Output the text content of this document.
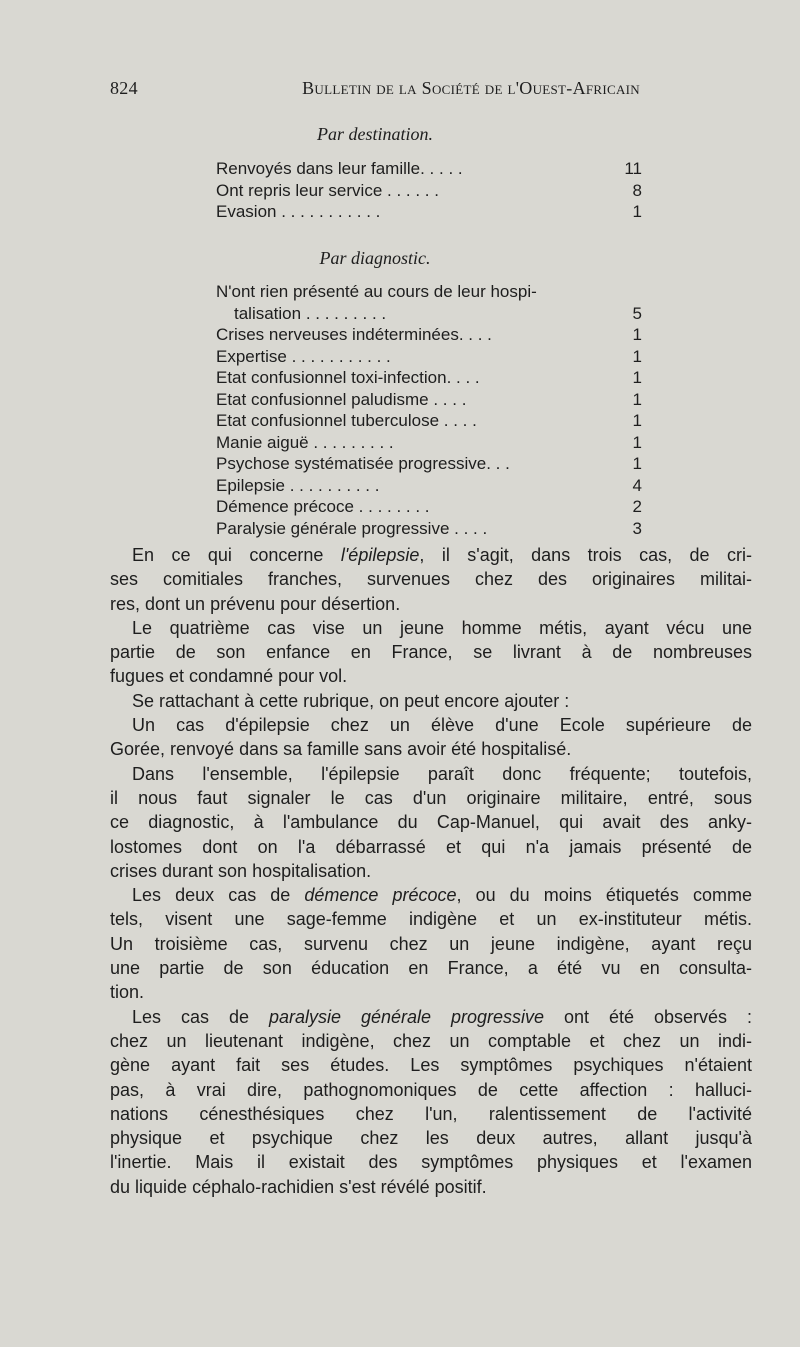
824	Bulletin de la Société de l'Ouest-Africain
Par destination.
Renvoyés dans leur famille. . . . .	11
Ont repris leur service . . . . . .	8
Evasion . . . . . . . . . . .	1
Par diagnostic.
N'ont rien présenté au cours de leur hospi-
talisation . . . . . . . . .	5
Crises nerveuses indéterminées. . . .	1
Expertise . . . . . . . . . . .	1
Etat confusionnel toxi-infection. . . .	1
Etat confusionnel paludisme . . . .	1
Etat confusionnel tuberculose . . . .	1
Manie aiguë . . . . . . . . .	1
Psychose systématisée progressive. . .	1
Epilepsie . . . . . . . . . .	4
Démence précoce . . . . . . . .	2
Paralysie générale progressive . . . .	3
En ce qui concerne l'épilepsie, il s'agit, dans trois cas, de cri-
ses comitiales franches, survenues chez des originaires militai-
res, dont un prévenu pour désertion.
Le quatrième cas vise un jeune homme métis, ayant vécu une
partie de son enfance en France, se livrant à de nombreuses
fugues et condamné pour vol.
Se rattachant à cette rubrique, on peut encore ajouter :
Un cas d'épilepsie chez un élève d'une Ecole supérieure de
Gorée, renvoyé dans sa famille sans avoir été hospitalisé.
Dans l'ensemble, l'épilepsie paraît donc fréquente; toutefois,
il nous faut signaler le cas d'un originaire militaire, entré, sous
ce diagnostic, à l'ambulance du Cap-Manuel, qui avait des anky-
lostomes dont on l'a débarrassé et qui n'a jamais présenté de
crises durant son hospitalisation.
Les deux cas de démence précoce, ou du moins étiquetés comme
tels, visent une sage-femme indigène et un ex-instituteur métis.
Un troisième cas, survenu chez un jeune indigène, ayant reçu
une partie de son éducation en France, a été vu en consulta-
tion.
Les cas de paralysie générale progressive ont été observés :
chez un lieutenant indigène, chez un comptable et chez un indi-
gène ayant fait ses études. Les symptômes psychiques n'étaient
pas, à vrai dire, pathognomoniques de cette affection : halluci-
nations cénesthésiques chez l'un, ralentissement de l'activité
physique et psychique chez les deux autres, allant jusqu'à
l'inertie. Mais il existait des symptômes physiques et l'examen
du liquide céphalo-rachidien s'est révélé positif.
